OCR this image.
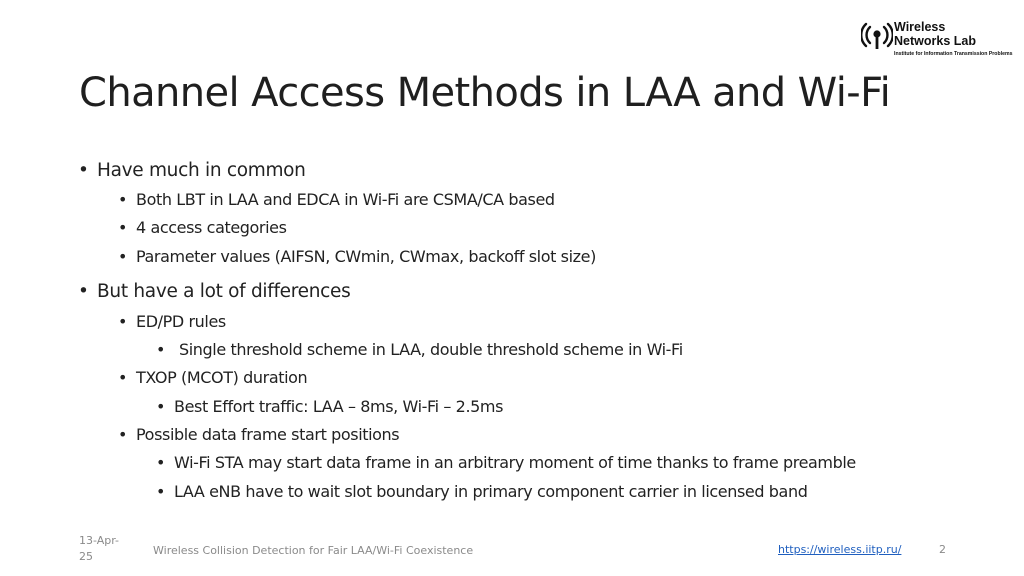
Wireless
Networks Lab
Institute for Information Transmission Problems
Channel Access Methods in LAA and Wi-Fi
• Have much in common
• Both LBT in LAA and EDCA in Wi-Fi are CSMA/CA based
• 4 access categories
• Parameter values (AIFSN, CWmin, CWmax, backoff slot size)
• But have a lot of differences
• ED/PD rules
• Single threshold scheme in LAA, double threshold scheme in Wi-Fi
• TXOP (MCOT) duration
• Best Effort traffic: LAA – 8ms, Wi-Fi – 2.5ms
• Possible data frame start positions
• Wi-Fi STA may start data frame in an arbitrary moment of time thanks to frame preamble
• LAA eNB have to wait slot boundary in primary component carrier in licensed band
13-Apr-25	Wireless Collision Detection for Fair LAA/Wi-Fi Coexistence	https://wireless.iitp.ru/	2
